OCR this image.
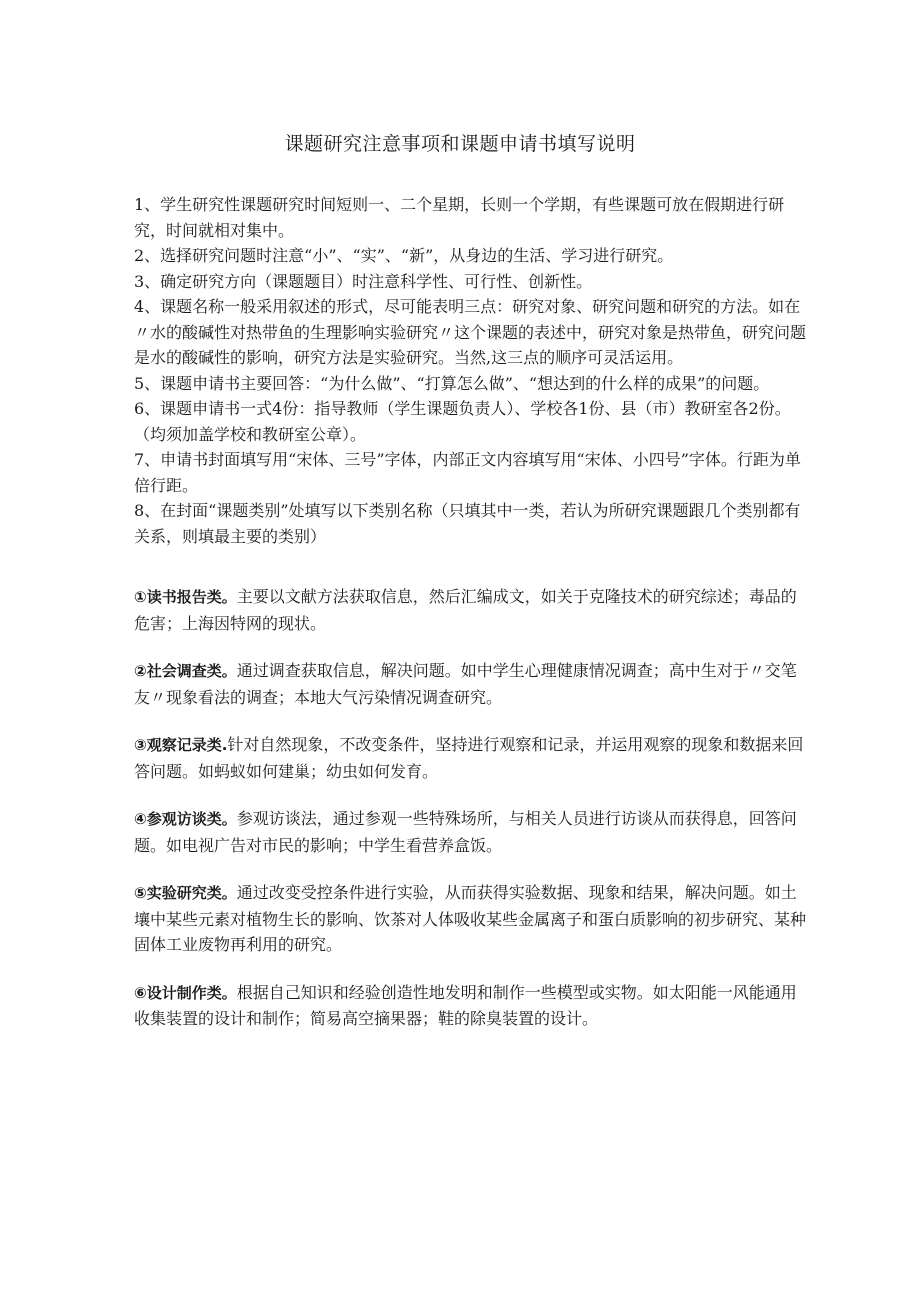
课题研究注意事项和课题申请书填写说明

1、学生研究性课题研究时间短则一、二个星期，长则一个学期，有些课题可放在假期进行研究，时间就相对集中。

2、选择研究问题时注意“小”、“实”、“新”，从身边的生活、学习进行研究。

3、确定研究方向（课题题目）时注意科学性、可行性、创新性。

4、课题名称一般采用叙述的形式，尽可能表明三点：研究对象、研究问题和研究的方法。如在〃水的酸碱性对热带鱼的生理影响实验研究〃这个课题的表述中，研究对象是热带鱼，研究问题是水的酸碱性的影响，研究方法是实验研究。当然,这三点的顺序可灵活运用。

5、课题申请书主要回答：“为什么做”、“打算怎么做”、“想达到的什么样的成果”的问题。

6、课题申请书一式4份：指导教师（学生课题负责人）、学校各1份、县（市）教研室各2份。（均须加盖学校和教研室公章）。

7、申请书封面填写用“宋体、三号”字体，内部正文内容填写用“宋体、小四号”字体。行距为单倍行距。

8、在封面“课题类别”处填写以下类别名称（只填其中一类，若认为所研究课题跟几个类别都有关系，则填最主要的类别）

①读书报告类。主要以文献方法获取信息，然后汇编成文，如关于克隆技术的研究综述；毒品的危害；上海因特网的现状。

②社会调查类。通过调查获取信息，解决问题。如中学生心理健康情况调查；高中生对于〃交笔友〃现象看法的调查；本地大气污染情况调查研究。

③观察记录类.针对自然现象，不改变条件，坚持进行观察和记录，并运用观察的现象和数据来回答问题。如蚂蚁如何建巢；幼虫如何发育。

④参观访谈类。参观访谈法，通过参观一些特殊场所，与相关人员进行访谈从而获得息，回答问题。如电视广告对市民的影响；中学生看营养盒饭。

⑤实验研究类。通过改变受控条件进行实验，从而获得实验数据、现象和结果，解决问题。如土壤中某些元素对植物生长的影响、饮茶对人体吸收某些金属离子和蛋白质影响的初步研究、某种固体工业废物再利用的研究。

⑥设计制作类。根据自己知识和经验创造性地发明和制作一些模型或实物。如太阳能一风能通用收集装置的设计和制作；简易高空摘果器；鞋的除臭装置的设计。
